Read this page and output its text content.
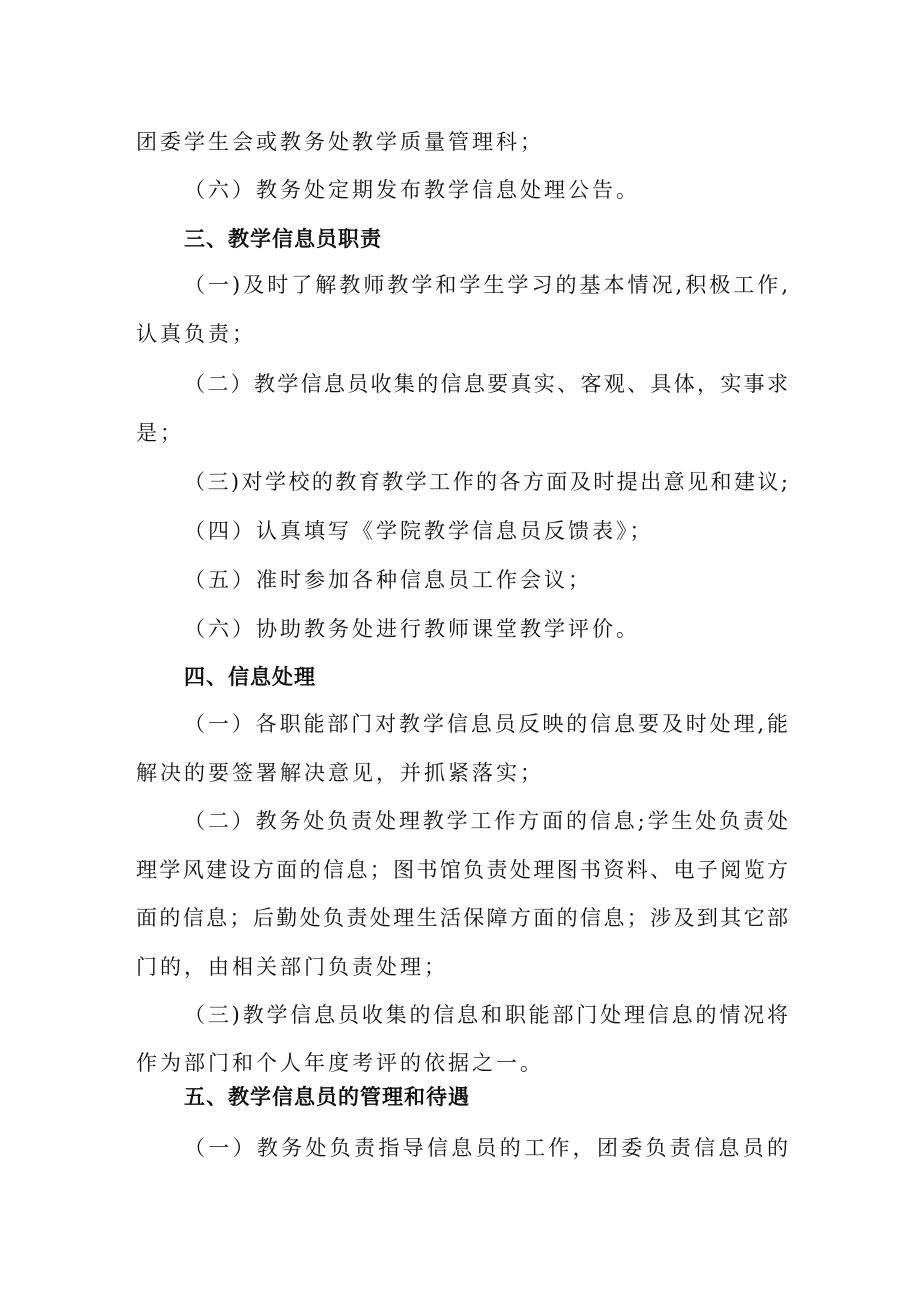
团委学生会或教务处教学质量管理科；
（六）教务处定期发布教学信息处理公告。
三、教学信息员职责
（一)及时了解教师教学和学生学习的基本情况,积极工作,
认真负责；
（二）教学信息员收集的信息要真实、客观、具体，实事求
是；
（三)对学校的教育教学工作的各方面及时提出意见和建议;
（四）认真填写《学院教学信息员反馈表》；
（五）准时参加各种信息员工作会议；
（六）协助教务处进行教师课堂教学评价。
四、信息处理
（一）各职能部门对教学信息员反映的信息要及时处理,能
解决的要签署解决意见，并抓紧落实；
（二）教务处负责处理教学工作方面的信息;学生处负责处
理学风建设方面的信息；图书馆负责处理图书资料、电子阅览方
面的信息；后勤处负责处理生活保障方面的信息；涉及到其它部
门的，由相关部门负责处理；
（三)教学信息员收集的信息和职能部门处理信息的情况将
作为部门和个人年度考评的依据之一。
五、教学信息员的管理和待遇
（一）教务处负责指导信息员的工作，团委负责信息员的
